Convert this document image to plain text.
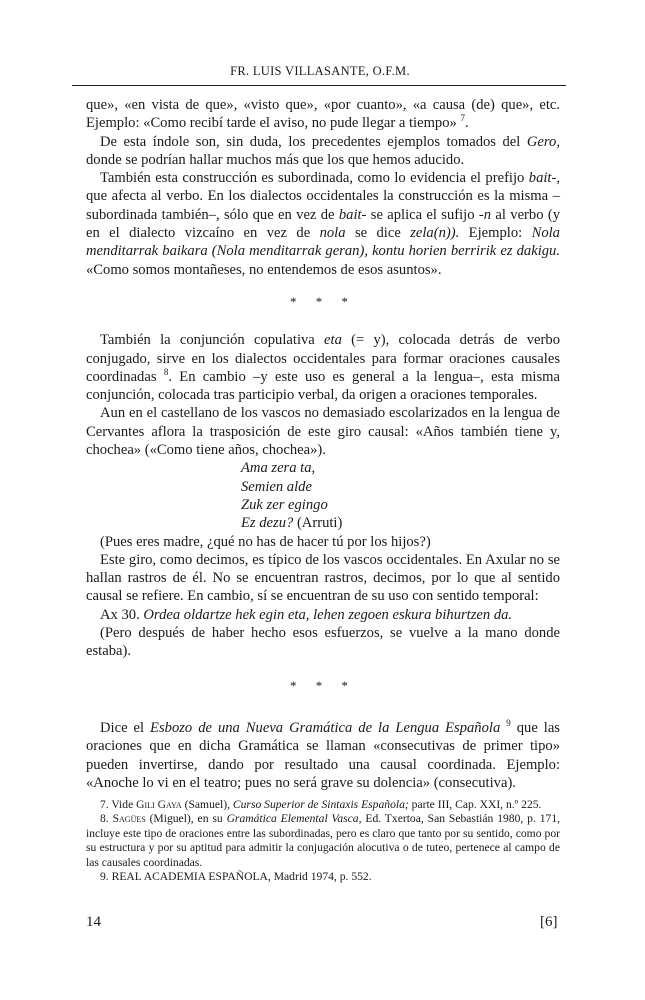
FR. LUIS VILLASANTE, O.F.M.

que», «en vista de que», «visto que», «por cuanto», «a causa (de) que», etc. Ejemplo: «Como recibí tarde el aviso, no pude llegar a tiempo» $^7$.

De esta índole son, sin duda, los precedentes ejemplos tomados del Gero, donde se podrían hallar muchos más que los que hemos aducido.

También esta construcción es subordinada, como lo evidencia el prefijo bait-, que afecta al verbo. En los dialectos occidentales la construcción es la misma –subordinada también–, sólo que en vez de bait- se aplica el sufijo -n al verbo (y en el dialecto vizcaíno en vez de nola se dice zela(n)). Ejemplo: Nola menditarrak baikara (Nola menditarrak geran), kontu horien berririk ez dakigu. «Como somos montañeses, no entendemos de esos asuntos».

* * *

También la conjunción copulativa eta (= y), colocada detrás de verbo conjugado, sirve en los dialectos occidentales para formar oraciones causales coordinadas $^8$. En cambio –y este uso es general a la lengua–, esta misma conjunción, colocada tras participio verbal, da origen a oraciones temporales.

Aun en el castellano de los vascos no demasiado escolarizados en la lengua de Cervantes aflora la trasposición de este giro causal: «Años también tiene y, chochea» («Como tiene años, chochea»).

Ama zera ta,
Semien alde
Zuk zer egingo
Ez dezu? (Arruti)

(Pues eres madre, ¿qué no has de hacer tú por los hijos?)

Este giro, como decimos, es típico de los vascos occidentales. En Axular no se hallan rastros de él. No se encuentran rastros, decimos, por lo que al sentido causal se refiere. En cambio, sí se encuentran de su uso con sentido temporal:

Ax 30. Ordea oldartze hek egin eta, lehen zegoen eskura bihurtzen da.

(Pero después de haber hecho esos esfuerzos, se vuelve a la mano donde estaba).

* * *

Dice el Esbozo de una Nueva Gramática de la Lengua Española $^9$ que las oraciones que en dicha Gramática se llaman «consecutivas de primer tipo» pueden invertirse, dando por resultado una causal coordinada. Ejemplo: «Anoche lo vi en el teatro; pues no será grave su dolencia» (consecutiva).

7. Vide Gili Gaya (Samuel), Curso Superior de Sintaxis Española; parte III, Cap. XXI, n.º 225.

8. Sagües (Miguel), en su Gramática Elemental Vasca, Ed. Txertoa, San Sebastián 1980, p. 171, incluye este tipo de oraciones entre las subordinadas, pero es claro que tanto por su sentido, como por su estructura y por su aptitud para admitir la conjugación alocutiva o de tuteo, pertenece al campo de las causales coordinadas.

9. REAL ACADEMIA ESPAÑOLA, Madrid 1974, p. 552.

14	[6]
